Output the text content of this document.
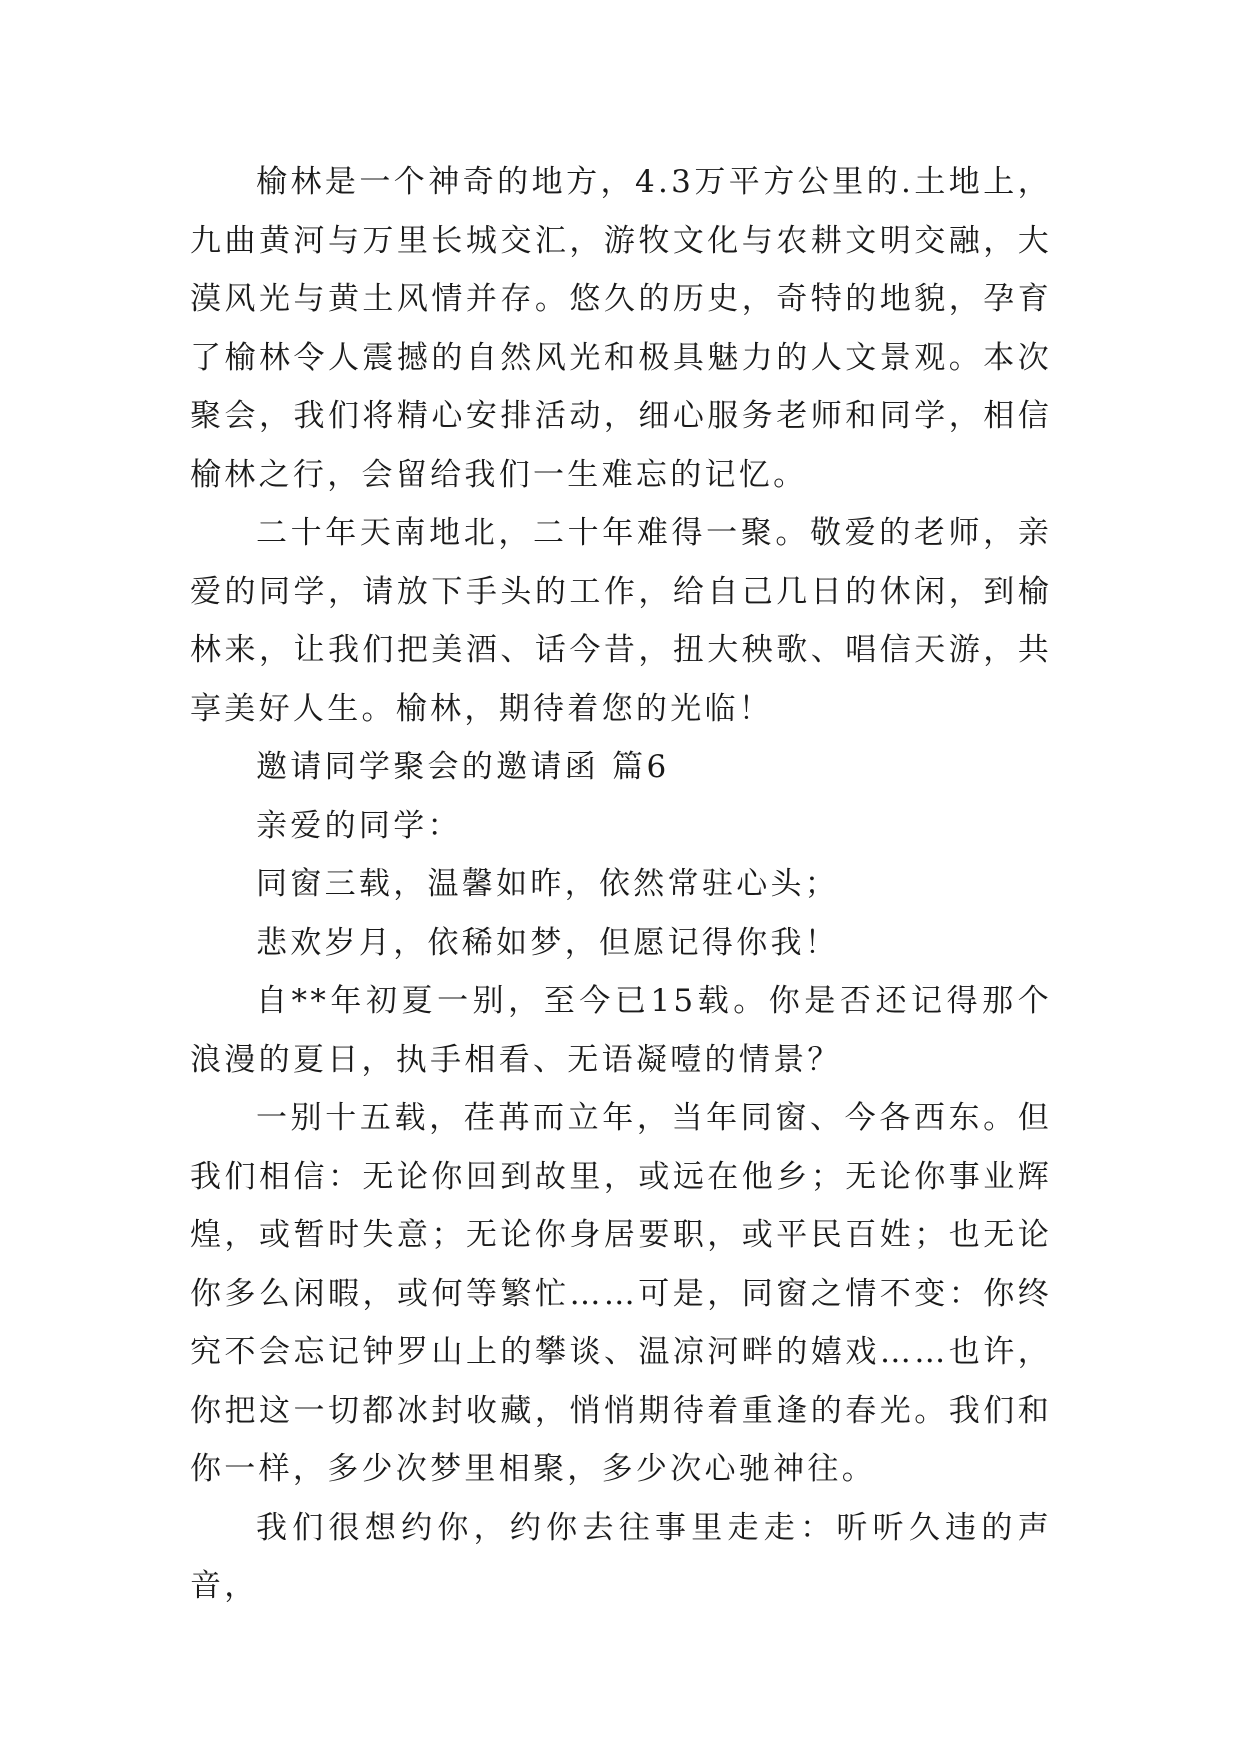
榆林是一个神奇的地方，4.3万平方公里的.土地上，九曲黄河与万里长城交汇，游牧文化与农耕文明交融，大漠风光与黄土风情并存。悠久的历史，奇特的地貌，孕育了榆林令人震撼的自然风光和极具魅力的人文景观。本次聚会，我们将精心安排活动，细心服务老师和同学，相信榆林之行，会留给我们一生难忘的记忆。

二十年天南地北，二十年难得一聚。敬爱的老师，亲爱的同学，请放下手头的工作，给自己几日的休闲，到榆林来，让我们把美酒、话今昔，扭大秧歌、唱信天游，共享美好人生。榆林，期待着您的光临！

邀请同学聚会的邀请函 篇6

亲爱的同学：

同窗三载，温馨如昨，依然常驻心头；

悲欢岁月，依稀如梦，但愿记得你我！

自**年初夏一别，至今已15载。你是否还记得那个浪漫的夏日，执手相看、无语凝噎的情景？

一别十五载，荏苒而立年，当年同窗、今各西东。但我们相信：无论你回到故里，或远在他乡；无论你事业辉煌，或暂时失意；无论你身居要职，或平民百姓；也无论你多么闲暇，或何等繁忙……可是，同窗之情不变：你终究不会忘记钟罗山上的攀谈、温凉河畔的嬉戏……也许，你把这一切都冰封收藏，悄悄期待着重逢的春光。我们和你一样，多少次梦里相聚，多少次心驰神往。

我们很想约你，约你去往事里走走：听听久违的声音，
